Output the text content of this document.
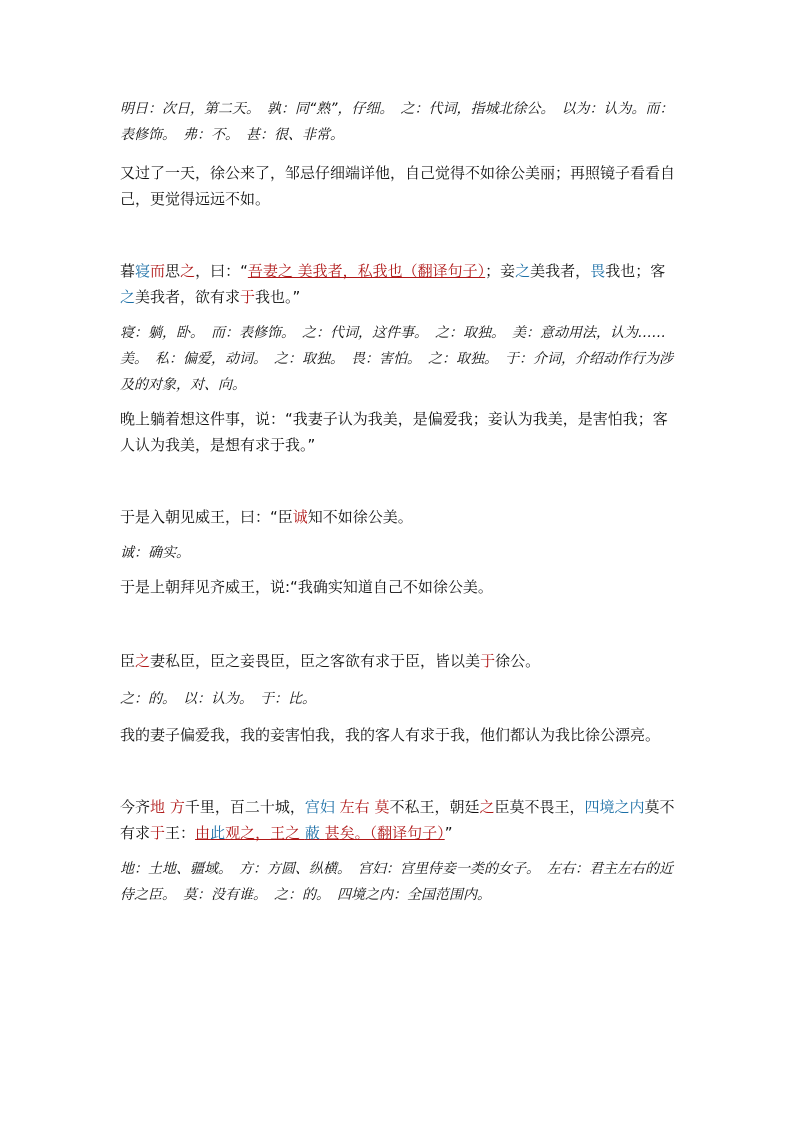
明日：次日，第二天。　孰：同“熟”，仔细。　之：代词，指城北徐公。　以为：认为。而：表修饰。　弗：不。　甚：很、非常。

又过了一天，徐公来了，邹忌仔细端详他，自己觉得不如徐公美丽；再照镜子看看自己，更觉得远远不如。

暮寝而思之，曰：“吾妻之 美我者，私我也（翻译句子）；妾之美我者，畏我也；客之美我者，欲有求于我也。”

寝：躺，卧。　而：表修饰。　之：代词，这件事。　之：取独。　美：意动用法，认为……美。　私：偏爱，动词。　之：取独。　畏：害怕。　之：取独。　于：介词，介绍动作行为涉及的对象，对、向。

晚上躺着想这件事，说：“我妻子认为我美，是偏爱我；妾认为我美，是害怕我；客人认为我美，是想有求于我。”

于是入朝见威王，曰：“臣诚知不如徐公美。

诚：确实。

于是上朝拜见齐威王，说:“我确实知道自己不如徐公美。

臣之妻私臣，臣之妾畏臣，臣之客欲有求于臣，皆以美于徐公。

之：的。　以：认为。　于：比。

我的妻子偏爱我，我的妾害怕我，我的客人有求于我，他们都认为我比徐公漂亮。

今齐地 方千里，百二十城，宫妇 左右 莫不私王，朝廷之臣莫不畏王，四境之内莫不有求于王：由此观之，王之 蔽 甚矣。（翻译句子）”

地：土地、疆域。　方：方圆、纵横。　宫妇：宫里侍妾一类的女子。　左右：君主左右的近侍之臣。　莫：没有谁。　之：的。　四境之内：全国范围内。
